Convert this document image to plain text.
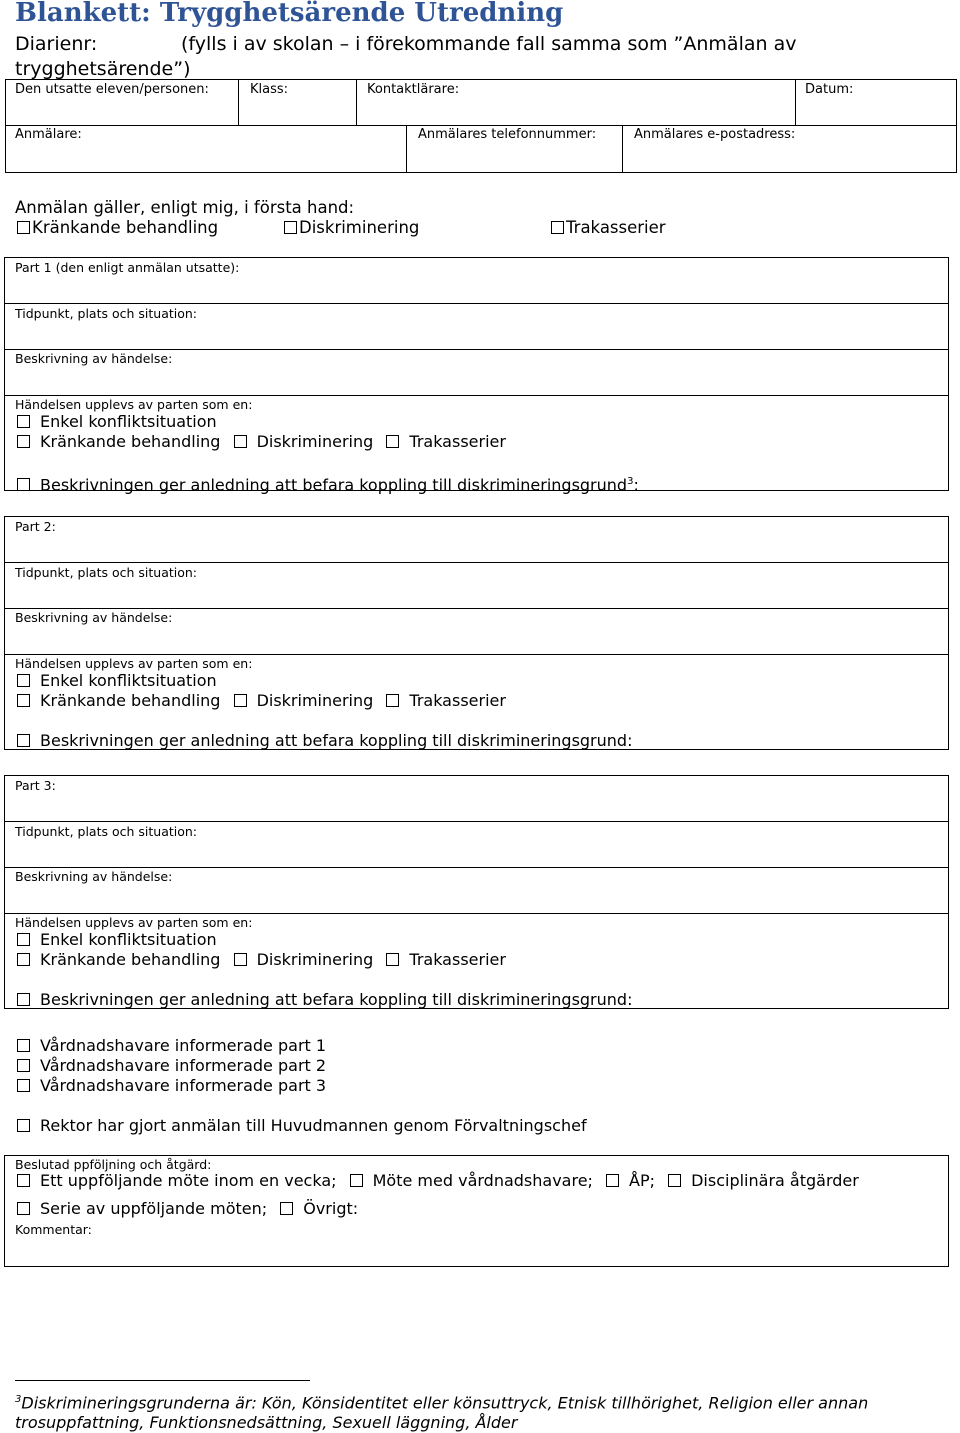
Blankett: Trygghetsärende Utredning
Diarienr:	(fylls i av skolan – i förekommande fall samma som ”Anmälan av
trygghetsärende”)
Den utsatte eleven/personen:	Klass:	Kontaktlärare:	Datum:
Anmälare:	Anmälares telefonnummer:	Anmälares e-postadress:
Anmälan gäller, enligt mig, i första hand:
Kränkande behandling	Diskriminering	Trakasserier
Part 1 (den enligt anmälan utsatte):
Tidpunkt, plats och situation:
Beskrivning av händelse:
Händelsen upplevs av parten som en:
Enkel konfliktsituation
Kränkande behandling Diskriminering Trakasserier
Beskrivningen ger anledning att befara koppling till diskrimineringsgrund$^3$:
Part 2:
Tidpunkt, plats och situation:
Beskrivning av händelse:
Händelsen upplevs av parten som en:
Enkel konfliktsituation
Kränkande behandling Diskriminering Trakasserier
Beskrivningen ger anledning att befara koppling till diskrimineringsgrund:
Part 3:
Tidpunkt, plats och situation:
Beskrivning av händelse:
Händelsen upplevs av parten som en:
Enkel konfliktsituation
Kränkande behandling Diskriminering Trakasserier
Beskrivningen ger anledning att befara koppling till diskrimineringsgrund:
Vårdnadshavare informerade part 1
Vårdnadshavare informerade part 2
Vårdnadshavare informerade part 3
Rektor har gjort anmälan till Huvudmannen genom Förvaltningschef
Beslutad ppföljning och åtgärd:
Ett uppföljande möte inom en vecka; Möte med vårdnadshavare; ÅP; Disciplinära åtgärder
Serie av uppföljande möten; Övrigt:
Kommentar:
$^3$Diskrimineringsgrunderna är: Kön, Könsidentitet eller könsuttryck, Etnisk tillhörighet, Religion eller annan
trosuppfattning, Funktionsnedsättning, Sexuell läggning, Ålder
